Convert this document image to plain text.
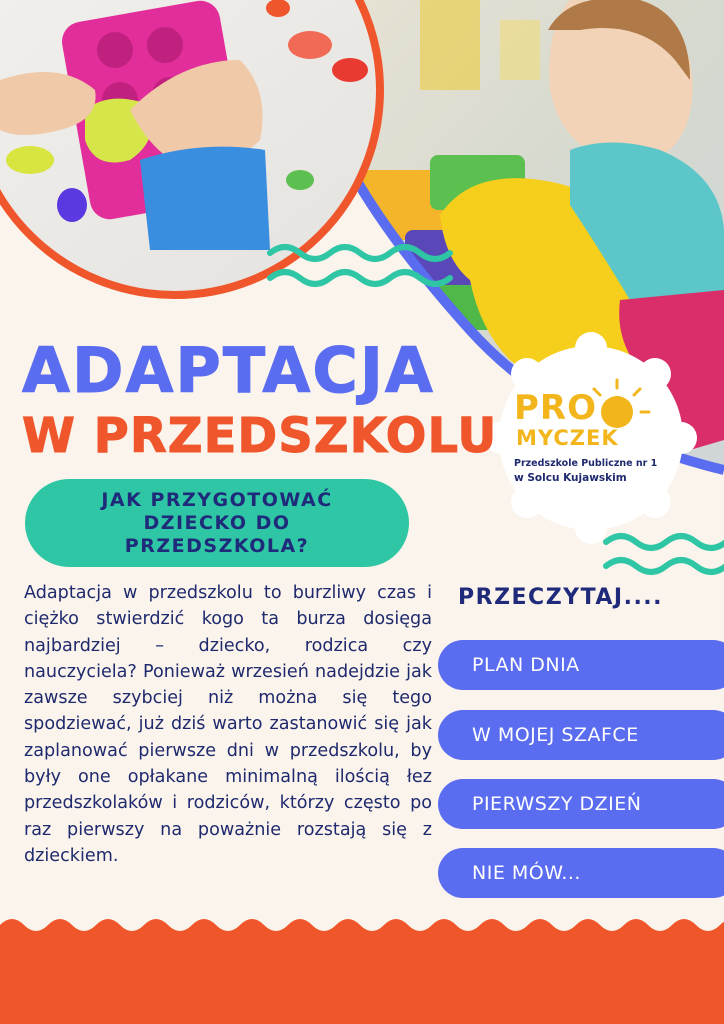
ADAPTACJA
W PRZEDSZKOLU
JAK PRZYGOTOWAĆ
DZIECKO DO
PRZEDSZKOLA?
Adaptacja w przedszkolu to burzliwy czas i ciężko stwierdzić kogo ta burza dosięga najbardziej – dziecko, rodzica czy nauczyciela? Ponieważ wrzesień nadejdzie jak zawsze szybciej niż można się tego spodziewać, już dziś warto zastanowić się jak zaplanować pierwsze dni w przedszkolu, by były one opłakane minimalną ilością łez przedszkolaków i rodziców, którzy często po raz pierwszy na poważnie rozstają się z dzieckiem.
PRZECZYTAJ....
PLAN DNIA
W MOJEJ SZAFCE
PIERWSZY DZIEŃ
NIE MÓW...
PRO
MYCZEK
Przedszkole Publiczne nr 1
w Solcu Kujawskim
